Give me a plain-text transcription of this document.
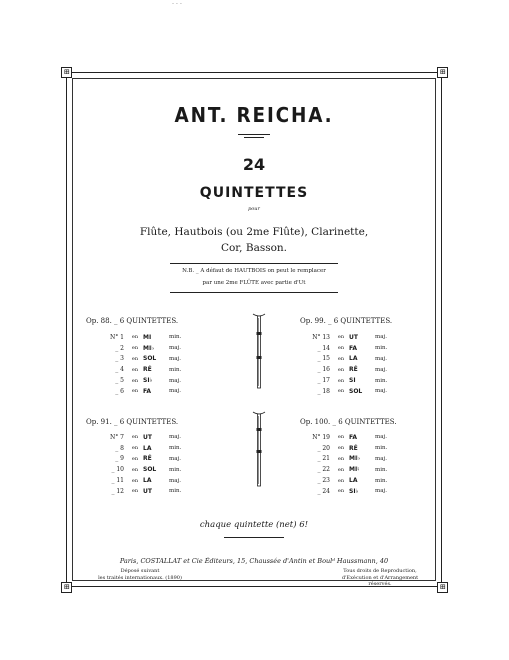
- - -
⊞	⊞
⊞	⊞
ANT. REICHA.
24
QUINTETTES
pour
Flûte, Hautbois (ou 2me Flûte), Clarinette,
Cor, Basson.
N.B. _ A défaut de HAUTBOIS on peut le remplacer
par une 2me FLÛTE avec partie d'Ut
Op. 88. _ 6 QUINTETTES.
N° 1	en MI	min.
_ 2	en MI♭	maj.
_ 3	en SOL	maj.
_ 4	en RÉ	min.
_ 5	en SI♭	maj.
_ 6	en FA	maj.
Op. 99. _ 6 QUINTETTES.
N° 13	en UT	maj.
_ 14	en FA	min.
_ 15	en LA	maj.
_ 16	en RÉ	maj.
_ 17	en SI	min.
_ 18	en SOL	maj.
Op. 91. _ 6 QUINTETTES.
N° 7	en UT	maj.
_ 8	en LA	min.
_ 9	en RÉ	maj.
_ 10	en SOL	min.
_ 11	en LA	maj.
_ 12	en UT	min.
Op. 100. _ 6 QUINTETTES.
N° 19	en FA	maj.
_ 20	en RÉ	min.
_ 21	en MI♭	maj.
_ 22	en MI♮	min.
_ 23	en LA	min.
_ 24	en SI♭	maj.
chaque quintette (net) 6!
Paris, COSTALLAT et Cie Éditeurs, 15, Chaussée d'Antin et Boulᵈ Haussmann, 40
Déposé suivant
les traités internationaux. (1890)
Tous droits de Reproduction,
d'Exécution et d'Arrangement réservés.
